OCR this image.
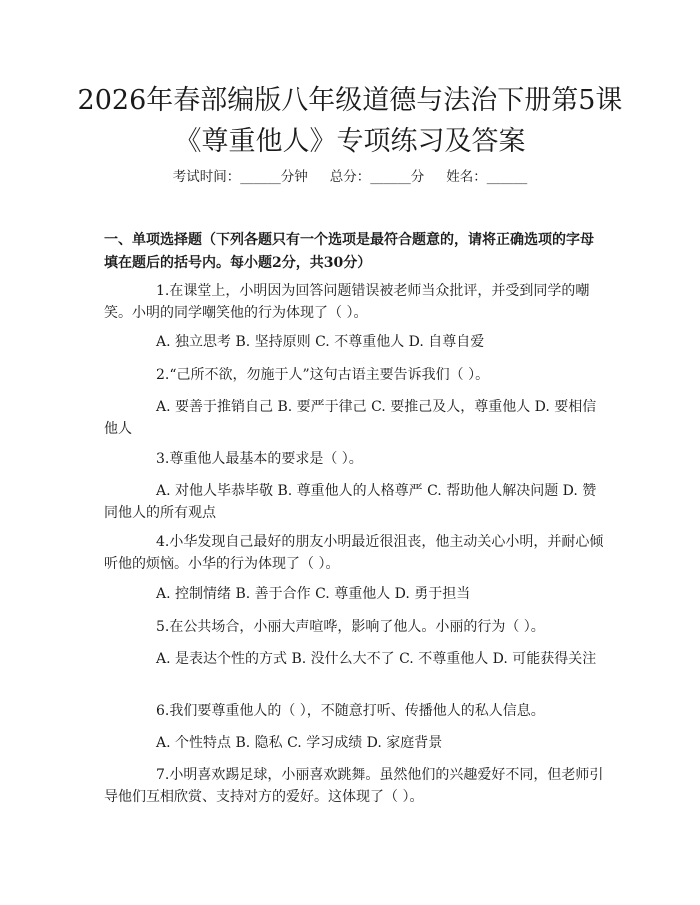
2026年春部编版八年级道德与法治下册第5课《尊重他人》专项练习及答案
考试时间：______分钟 总分：______分 姓名：______

一、单项选择题（下列各题只有一个选项是最符合题意的，请将正确选项的字母填在题后的括号内。每小题2分，共30分）

1.在课堂上，小明因为回答问题错误被老师当众批评，并受到同学的嘲笑。小明的同学嘲笑他的行为体现了（ ）。

A. 独立思考 B. 坚持原则 C. 不尊重他人 D. 自尊自爱

2.“己所不欲，勿施于人”这句古语主要告诉我们（ ）。

A. 要善于推销自己 B. 要严于律己 C. 要推己及人，尊重他人 D. 要相信他人

3.尊重他人最基本的要求是（ ）。

A. 对他人毕恭毕敬 B. 尊重他人的人格尊严 C. 帮助他人解决问题 D. 赞同他人的所有观点

4.小华发现自己最好的朋友小明最近很沮丧，他主动关心小明，并耐心倾听他的烦恼。小华的行为体现了（ ）。

A. 控制情绪 B. 善于合作 C. 尊重他人 D. 勇于担当

5.在公共场合，小丽大声喧哗，影响了他人。小丽的行为（ ）。

A. 是表达个性的方式 B. 没什么大不了 C. 不尊重他人 D. 可能获得关注

6.我们要尊重他人的（ ），不随意打听、传播他人的私人信息。

A. 个性特点 B. 隐私 C. 学习成绩 D. 家庭背景

7.小明喜欢踢足球，小丽喜欢跳舞。虽然他们的兴趣爱好不同，但老师引导他们互相欣赏、支持对方的爱好。这体现了（ ）。
